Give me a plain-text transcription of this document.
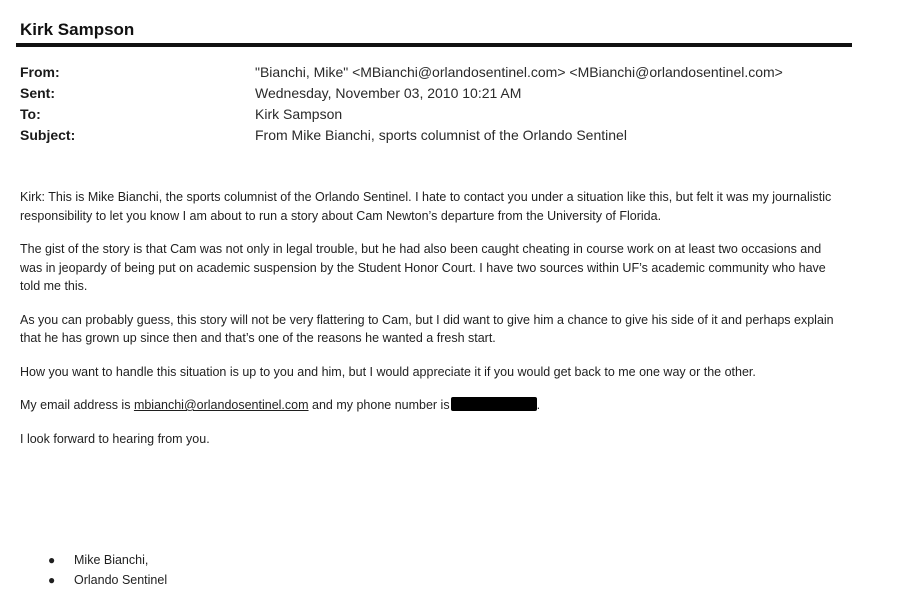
Kirk Sampson
From:	"Bianchi, Mike" <MBianchi@orlandosentinel.com> <MBianchi@orlandosentinel.com>
Sent:	Wednesday, November 03, 2010 10:21 AM
To:	Kirk Sampson
Subject:	From Mike Bianchi, sports columnist of the Orlando Sentinel

Kirk: This is Mike Bianchi, the sports columnist of the Orlando Sentinel. I hate to contact you under a situation like this, but felt it was my journalistic responsibility to let you know I am about to run a story about Cam Newton’s departure from the University of Florida.

The gist of the story is that Cam was not only in legal trouble, but he had also been caught cheating in course work on at least two occasions and was in jeopardy of being put on academic suspension by the Student Honor Court. I have two sources within UF’s academic community who have told me this.

As you can probably guess, this story will not be very flattering to Cam, but I did want to give him a chance to give his side of it and perhaps explain that he has grown up since then and that’s one of the reasons he wanted a fresh start.

How you want to handle this situation is up to you and him, but I would appreciate it if you would get back to me one way or the other.

My email address is mbianchi@orlandosentinel.com and my phone number is	.

I look forward to hearing from you.

● Mike Bianchi,
● Orlando Sentinel
